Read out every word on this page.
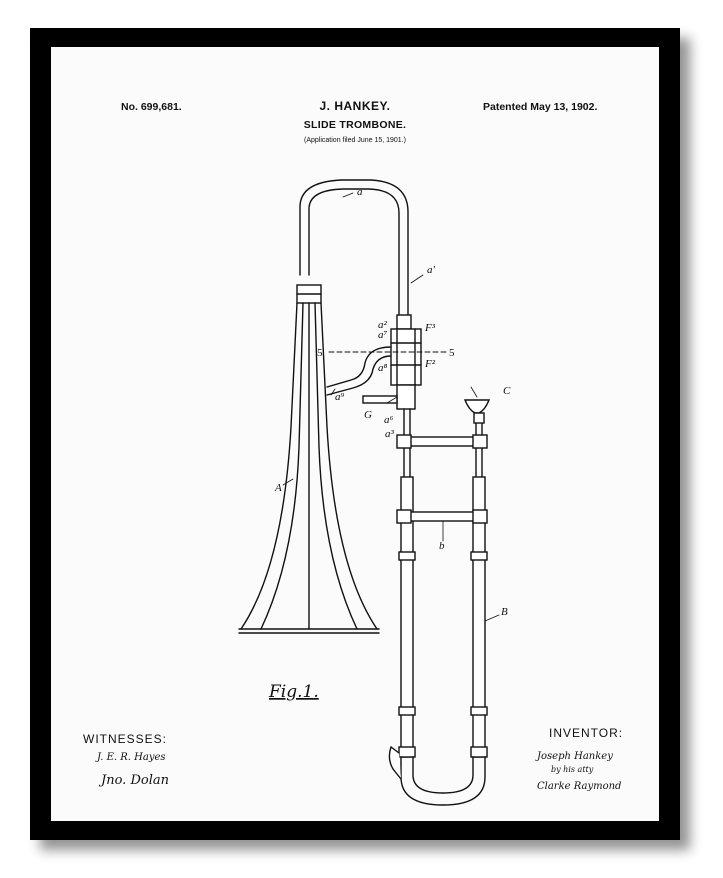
No. 699,681.	J. HANKEY.	Patented May 13, 1902.
SLIDE TROMBONE.
(Application filed June 15, 1901.)
a
a'
a²
a⁷
a⁸
a⁹
F³
F²
G a⁶
a³
C
A
B
b
5	5
Fig.1.
WITNESSES:
J. E. R. Hayes
Jno. Dolan
INVENTOR:
Joseph Hankey
by his atty
Clarke Raymond
